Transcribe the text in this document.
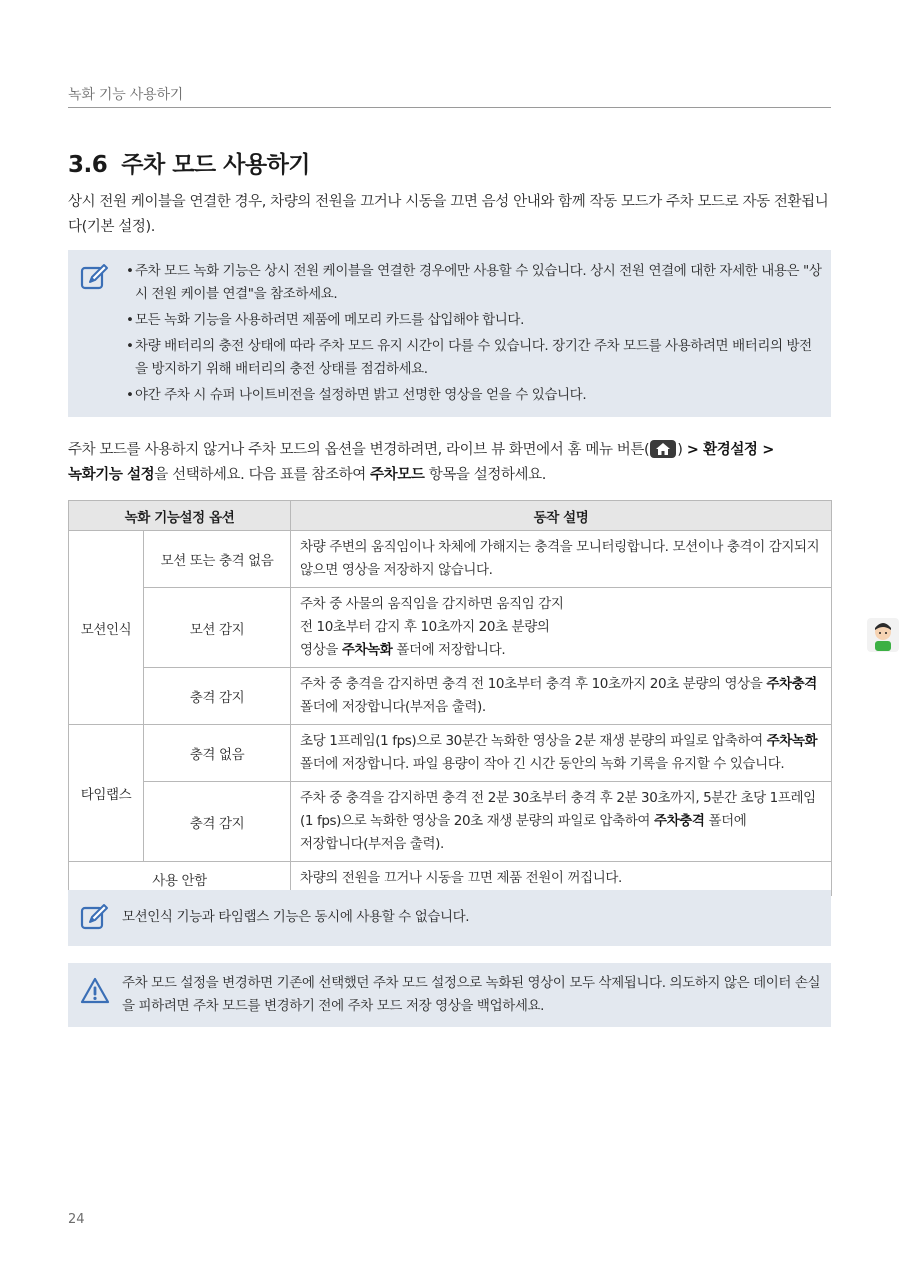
녹화 기능 사용하기
3.6 주차 모드 사용하기
상시 전원 케이블을 연결한 경우, 차량의 전원을 끄거나 시동을 끄면 음성 안내와 함께 작동 모드가 주차 모드로 자동 전환됩니다(기본 설정).
•주차 모드 녹화 기능은 상시 전원 케이블을 연결한 경우에만 사용할 수 있습니다. 상시 전원 연결에 대한 자세한 내용은 "상시 전원 케이블 연결"을 참조하세요.
•모든 녹화 기능을 사용하려면 제품에 메모리 카드를 삽입해야 합니다.
•차량 배터리의 충전 상태에 따라 주차 모드 유지 시간이 다를 수 있습니다. 장기간 주차 모드를 사용하려면 배터리의 방전을 방지하기 위해 배터리의 충전 상태를 점검하세요.
•야간 주차 시 슈퍼 나이트비전을 설정하면 밝고 선명한 영상을 얻을 수 있습니다.
주차 모드를 사용하지 않거나 주차 모드의 옵션을 변경하려면, 라이브 뷰 화면에서 홈 메뉴 버튼( ) > 환경설정 >
녹화기능 설정을 선택하세요. 다음 표를 참조하여 주차모드 항목을 설정하세요.
녹화 기능설정 옵션		동작 설명
모션인식	모션 또는 충격 없음	차량 주변의 움직임이나 차체에 가해지는 충격을 모니터링합니다. 모션이나 충격이 감지되지 않으면 영상을 저장하지 않습니다.
	모션 감지	주차 중 사물의 움직임을 감지하면 움직임 감지
전 10초부터 감지 후 10초까지 20초 분량의
영상을 주차녹화 폴더에 저장합니다.
	충격 감지	주차 중 충격을 감지하면 충격 전 10초부터 충격 후 10초까지 20초 분량의 영상을 주차충격 폴더에 저장합니다(부저음 출력).
타임랩스	충격 없음	초당 1프레임(1 fps)으로 30분간 녹화한 영상을 2분 재생 분량의 파일로 압축하여 주차녹화 폴더에 저장합니다. 파일 용량이 작아 긴 시간 동안의 녹화 기록을 유지할 수 있습니다.
	충격 감지	주차 중 충격을 감지하면 충격 전 2분 30초부터 충격 후 2분 30초까지, 5분간 초당 1프레임
(1 fps)으로 녹화한 영상을 20초 재생 분량의 파일로 압축하여 주차충격 폴더에
저장합니다(부저음 출력).
사용 안함		차량의 전원을 끄거나 시동을 끄면 제품 전원이 꺼집니다.
모션인식 기능과 타임랩스 기능은 동시에 사용할 수 없습니다.
주차 모드 설정을 변경하면 기존에 선택했던 주차 모드 설정으로 녹화된 영상이 모두 삭제됩니다. 의도하지 않은 데이터 손실을 피하려면 주차 모드를 변경하기 전에 주차 모드 저장 영상을 백업하세요.
24
